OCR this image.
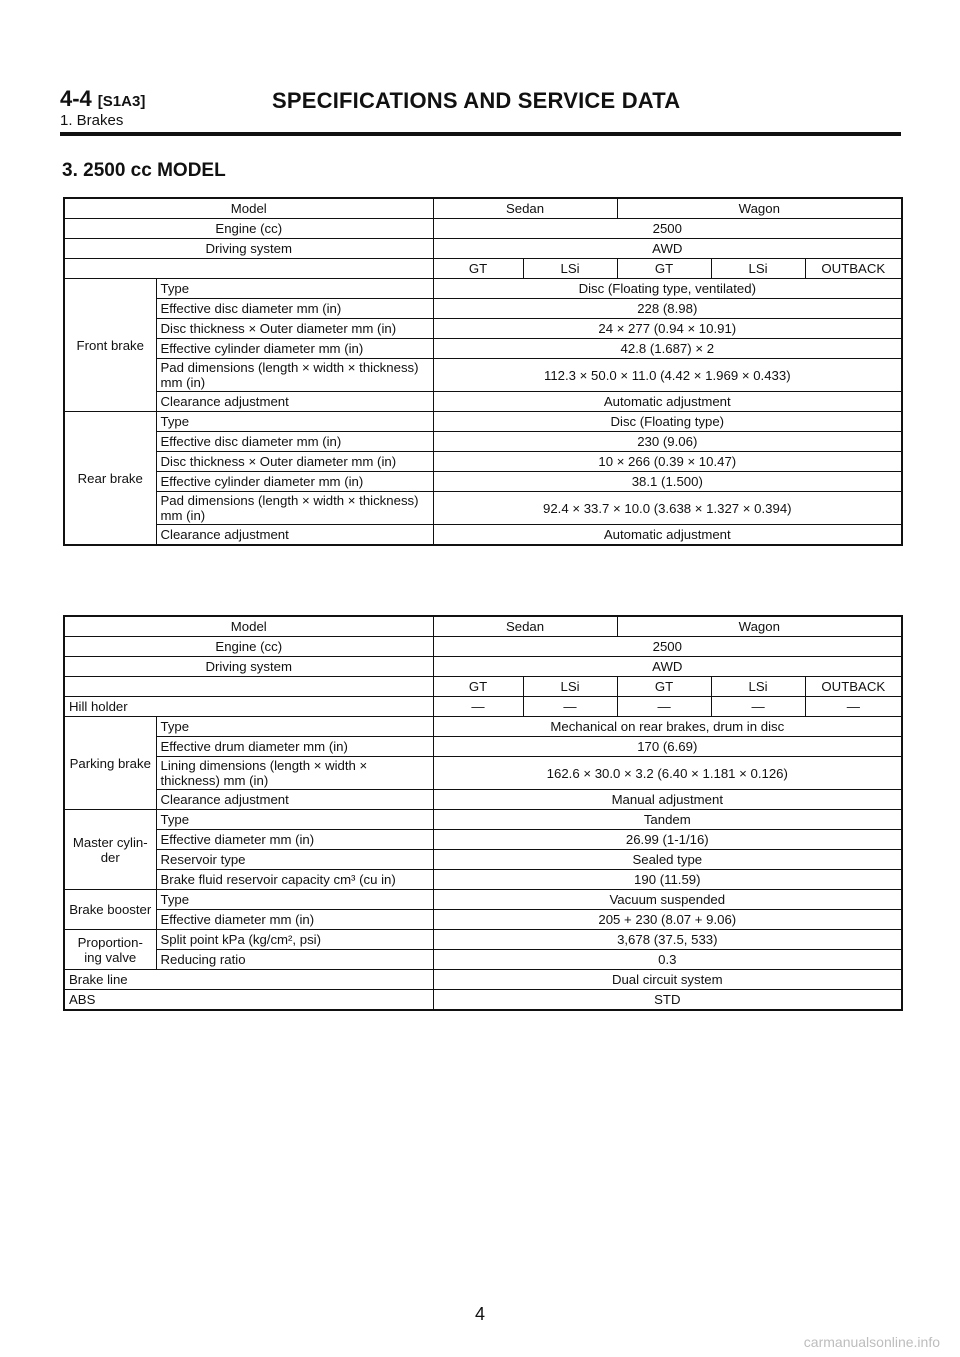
4-4 [S1A3]	SPECIFICATIONS AND SERVICE DATA
1. Brakes
3. 2500 cc MODEL
Model		Sedan		Wagon		
Engine (cc)		2500				
Driving system		AWD				
		GT	LSi	GT	LSi	OUTBACK
Front brake	Type	Disc (Floating type, ventilated)				
	Effective disc diameter mm (in)	228 (8.98)				
	Disc thickness × Outer diameter mm (in)	24 × 277 (0.94 × 10.91)				
	Effective cylinder diameter mm (in)	42.8 (1.687) × 2				
	Pad dimensions (length × width × thickness) mm (in)	112.3 × 50.0 × 11.0 (4.42 × 1.969 × 0.433)				
	Clearance adjustment	Automatic adjustment				
Rear brake	Type	Disc (Floating type)				
	Effective disc diameter mm (in)	230 (9.06)				
	Disc thickness × Outer diameter mm (in)	10 × 266 (0.39 × 10.47)				
	Effective cylinder diameter mm (in)	38.1 (1.500)				
	Pad dimensions (length × width × thickness) mm (in)	92.4 × 33.7 × 10.0 (3.638 × 1.327 × 0.394)				
	Clearance adjustment	Automatic adjustment				
Model		Sedan		Wagon		
Engine (cc)		2500				
Driving system		AWD				
		GT	LSi	GT	LSi	OUTBACK
Hill holder		—	—	—	—	—
Parking brake	Type	Mechanical on rear brakes, drum in disc				
	Effective drum diameter mm (in)	170 (6.69)				
	Lining dimensions (length × width × thickness) mm (in)	162.6 × 30.0 × 3.2 (6.40 × 1.181 × 0.126)				
	Clearance adjustment	Manual adjustment				
Master cylin- der	Type	Tandem				
	Effective diameter mm (in)	26.99 (1-1/16)				
	Reservoir type	Sealed type				
	Brake fluid reservoir capacity cm³ (cu in)	190 (11.59)				
Brake booster	Type	Vacuum suspended				
	Effective diameter mm (in)	205 + 230 (8.07 + 9.06)				
Proportion- ing valve	Split point kPa (kg/cm², psi)	3,678 (37.5, 533)				
	Reducing ratio	0.3				
Brake line		Dual circuit system				
ABS		STD				
4
carmanualsonline.info
